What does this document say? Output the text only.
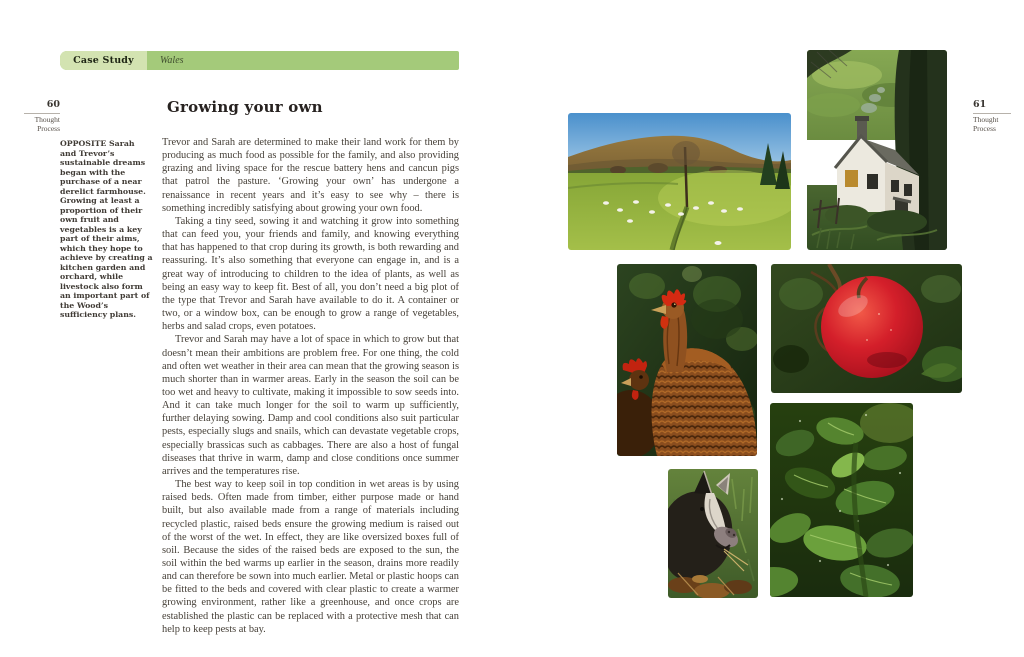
Case Study	Wales
60
Thought
Process
61
Thought
Process
OPPOSITE Sarah and Trevor’s sustainable dreams began with the purchase of a near derelict farmhouse. Growing at least a proportion of their own fruit and vegetables is a key part of their aims, which they hope to achieve by creating a kitchen garden and orchard, while livestock also form an important part of the Wood’s sufficiency plans.
Growing your own

Trevor and Sarah are determined to make their land work for them by producing as much food as possible for the family, and also providing grazing and living space for the rescue battery hens and cancun pigs that patrol the pasture. ‘Growing your own’ has undergone a renaissance in recent years and it’s easy to see why – there is something incredibly satisfying about growing your own food.

Taking a tiny seed, sowing it and watching it grow into something that can feed you, your friends and family, and knowing everything that has happened to that crop during its growth, is both rewarding and reassuring. It’s also something that everyone can engage in, and is a great way of introducing to children to the idea of plants, as well as being an easy way to keep fit. Best of all, you don’t need a big plot of the type that Trevor and Sarah have available to do it. A container or two, or a window box, can be enough to grow a range of vegetables, herbs and salad crops, even potatoes.

Trevor and Sarah may have a lot of space in which to grow but that doesn’t mean their ambitions are problem free. For one thing, the cold and often wet weather in their area can mean that the growing season is much shorter than in warmer areas. Early in the season the soil can be too wet and heavy to cultivate, making it impossible to sow seeds into. And it can take much longer for the soil to warm up sufficiently, further delaying sowing. Damp and cool conditions also suit particular pests, especially slugs and snails, which can devastate vegetable crops, especially brassicas such as cabbages. There are also a host of fungal diseases that thrive in warm, damp and close conditions once summer arrives and the temperatures rise.

The best way to keep soil in top condition in wet areas is by using raised beds. Often made from timber, either purpose made or hand built, but also available made from a range of materials including recycled plastic, raised beds ensure the growing medium is raised out of the worst of the wet. In effect, they are like oversized boxes full of soil. Because the sides of the raised beds are exposed to the sun, the soil within the bed warms up earlier in the season, drains more readily and can therefore be sown into much earlier. Metal or plastic hoops can be fitted to the beds and covered with clear plastic to create a warmer growing environment, rather like a greenhouse, and once crops are established the plastic can be replaced with a protective mesh that can help to keep pests at bay.
